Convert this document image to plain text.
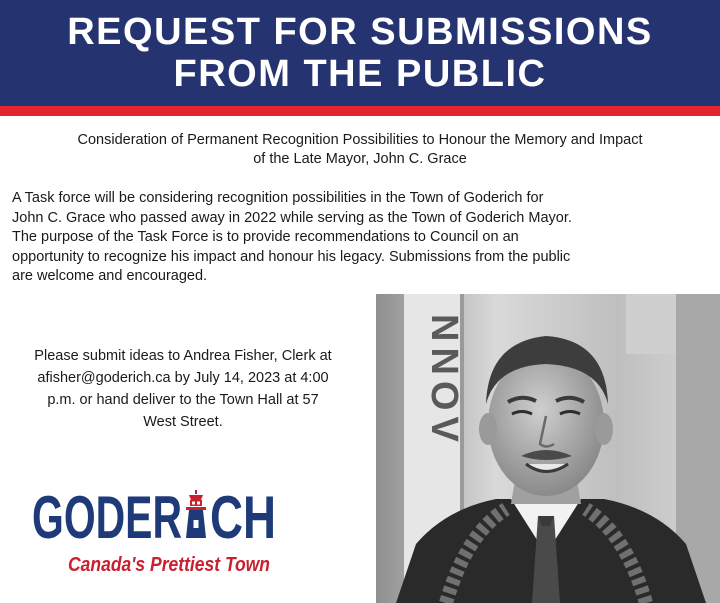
REQUEST FOR SUBMISSIONS
FROM THE PUBLIC
Consideration of Permanent Recognition Possibilities to Honour the Memory and Impact
of the Late Mayor, John C. Grace
A Task force will be considering recognition possibilities in the Town of Goderich for
John C. Grace who passed away in 2022 while serving as the Town of Goderich Mayor.
The purpose of the Task Force is to provide recommendations to Council on an
opportunity to recognize his impact and honour his legacy. Submissions from the public
are welcome and encouraged.
Please submit ideas to Andrea Fisher, Clerk at
afisher@goderich.ca by July 14, 2023 at 4:00
p.m. or hand deliver to the Town Hall at 57
West Street.
GODER CH
Canada's Prettiest Town
NNOV
